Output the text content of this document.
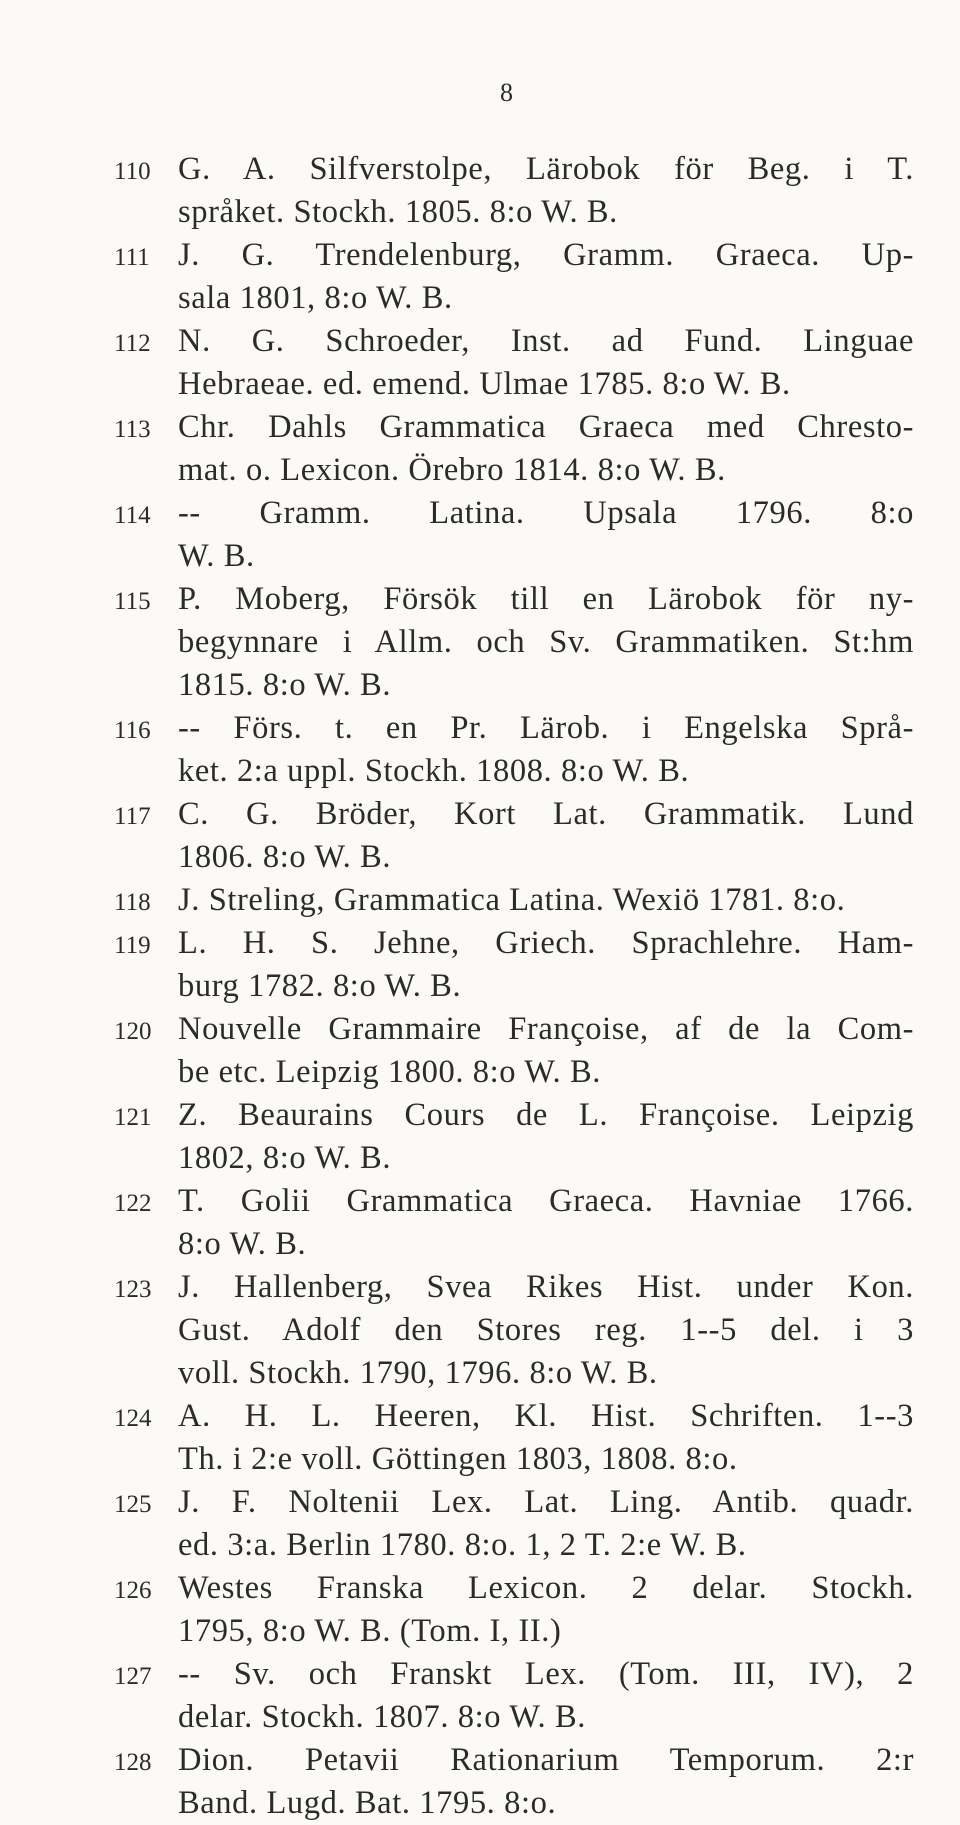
8
110 G. A. Silfverstolpe, Lärobok för Beg. i T.
språket. Stockh. 1805. 8:o W. B.
111 J. G. Trendelenburg, Gramm. Graeca. Up-
sala 1801, 8:o W. B.
112 N. G. Schroeder, Inst. ad Fund. Linguae
Hebraeae. ed. emend. Ulmae 1785. 8:o W. B.
113 Chr. Dahls Grammatica Graeca med Chresto-
mat. o. Lexicon. Örebro 1814. 8:o W. B.
114 -- Gramm. Latina. Upsala 1796. 8:o
W. B.
115 P. Moberg, Försök till en Lärobok för ny-
begynnare i Allm. och Sv. Grammatiken. St:hm
1815. 8:o W. B.
116 -- Förs. t. en Pr. Lärob. i Engelska Språ-
ket. 2:a uppl. Stockh. 1808. 8:o W. B.
117 C. G. Bröder, Kort Lat. Grammatik. Lund
1806. 8:o W. B.
118 J. Streling, Grammatica Latina. Wexiö 1781. 8:o.
119 L. H. S. Jehne, Griech. Sprachlehre. Ham-
burg 1782. 8:o W. B.
120 Nouvelle Grammaire Françoise, af de la Com-
be etc. Leipzig 1800. 8:o W. B.
121 Z. Beaurains Cours de L. Françoise. Leipzig
1802, 8:o W. B.
122 T. Golii Grammatica Graeca. Havniae 1766.
8:o W. B.
123 J. Hallenberg, Svea Rikes Hist. under Kon.
Gust. Adolf den Stores reg. 1--5 del. i 3
voll. Stockh. 1790, 1796. 8:o W. B.
124 A. H. L. Heeren, Kl. Hist. Schriften. 1--3
Th. i 2:e voll. Göttingen 1803, 1808. 8:o.
125 J. F. Noltenii Lex. Lat. Ling. Antib. quadr.
ed. 3:a. Berlin 1780. 8:o. 1, 2 T. 2:e W. B.
126 Westes Franska Lexicon. 2 delar. Stockh.
1795, 8:o W. B. (Tom. I, II.)
127 -- Sv. och Franskt Lex. (Tom. III, IV), 2
delar. Stockh. 1807. 8:o W. B.
128 Dion. Petavii Rationarium Temporum. 2:r
Band. Lugd. Bat. 1795. 8:o.
